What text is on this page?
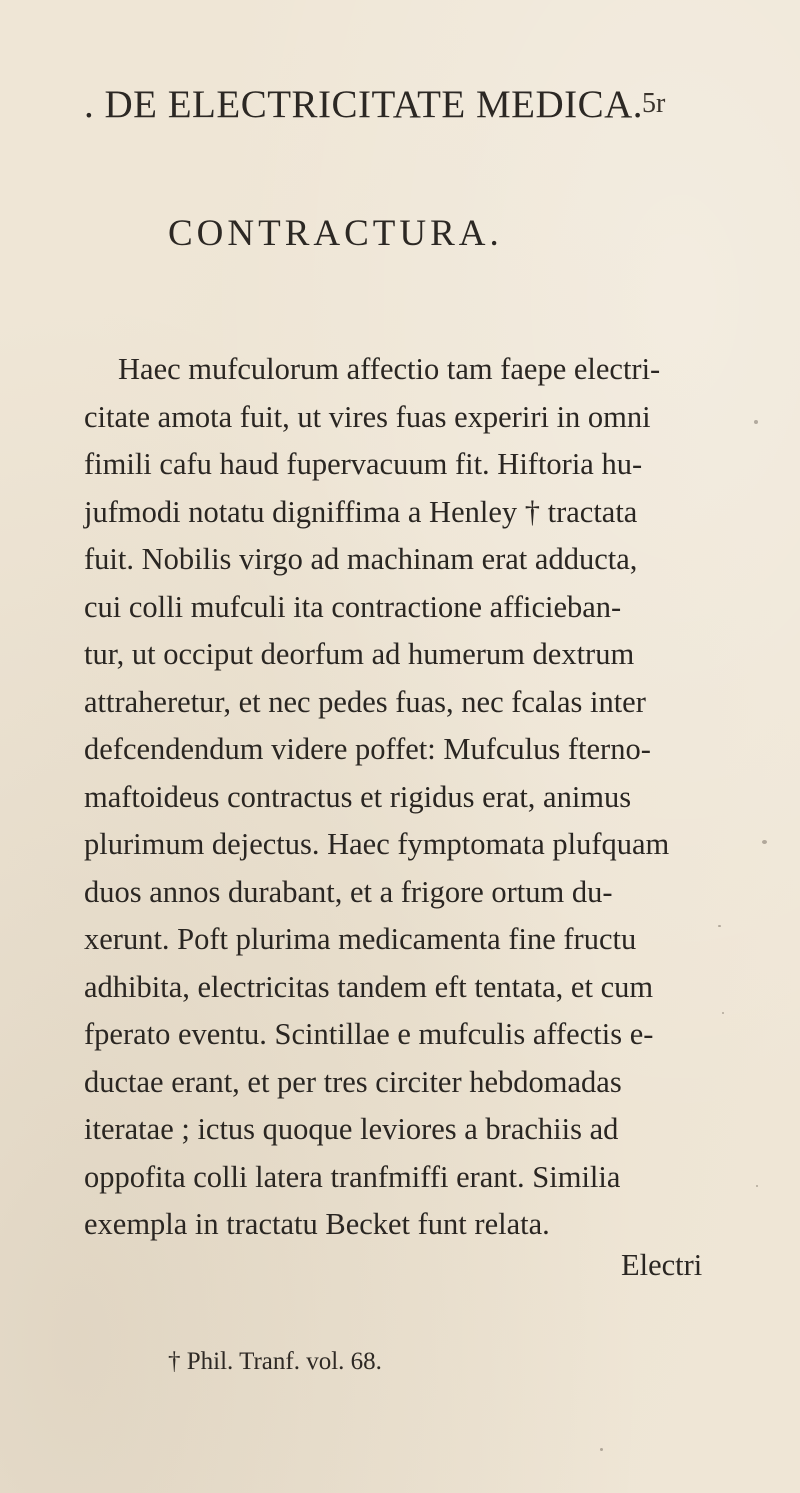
. DE ELECTRICITATE MEDICA.
5r
CONTRACTURA.
Haec mufculorum affectio tam faepe electri-
citate amota fuit, ut vires fuas experiri in omni
fimili cafu haud fupervacuum fit. Hiftoria hu-
jufmodi notatu digniffima a Henley † tractata
fuit. Nobilis virgo ad machinam erat adducta,
cui colli mufculi ita contractione afficieban-
tur, ut occiput deorfum ad humerum dextrum
attraheretur, et nec pedes fuas, nec fcalas inter
defcendendum videre poffet: Mufculus fterno-
maftoideus contractus et rigidus erat, animus
plurimum dejectus. Haec fymptomata plufquam
duos annos durabant, et a frigore ortum du-
xerunt. Poft plurima medicamenta fine fructu
adhibita, electricitas tandem eft tentata, et cum
fperato eventu. Scintillae e mufculis affectis e-
ductae erant, et per tres circiter hebdomadas
iteratae ; ictus quoque leviores a brachiis ad
oppofita colli latera tranfmiffi erant. Similia
exempla in tractatu Becket funt relata.
Electri
† Phil. Tranf. vol. 68.
